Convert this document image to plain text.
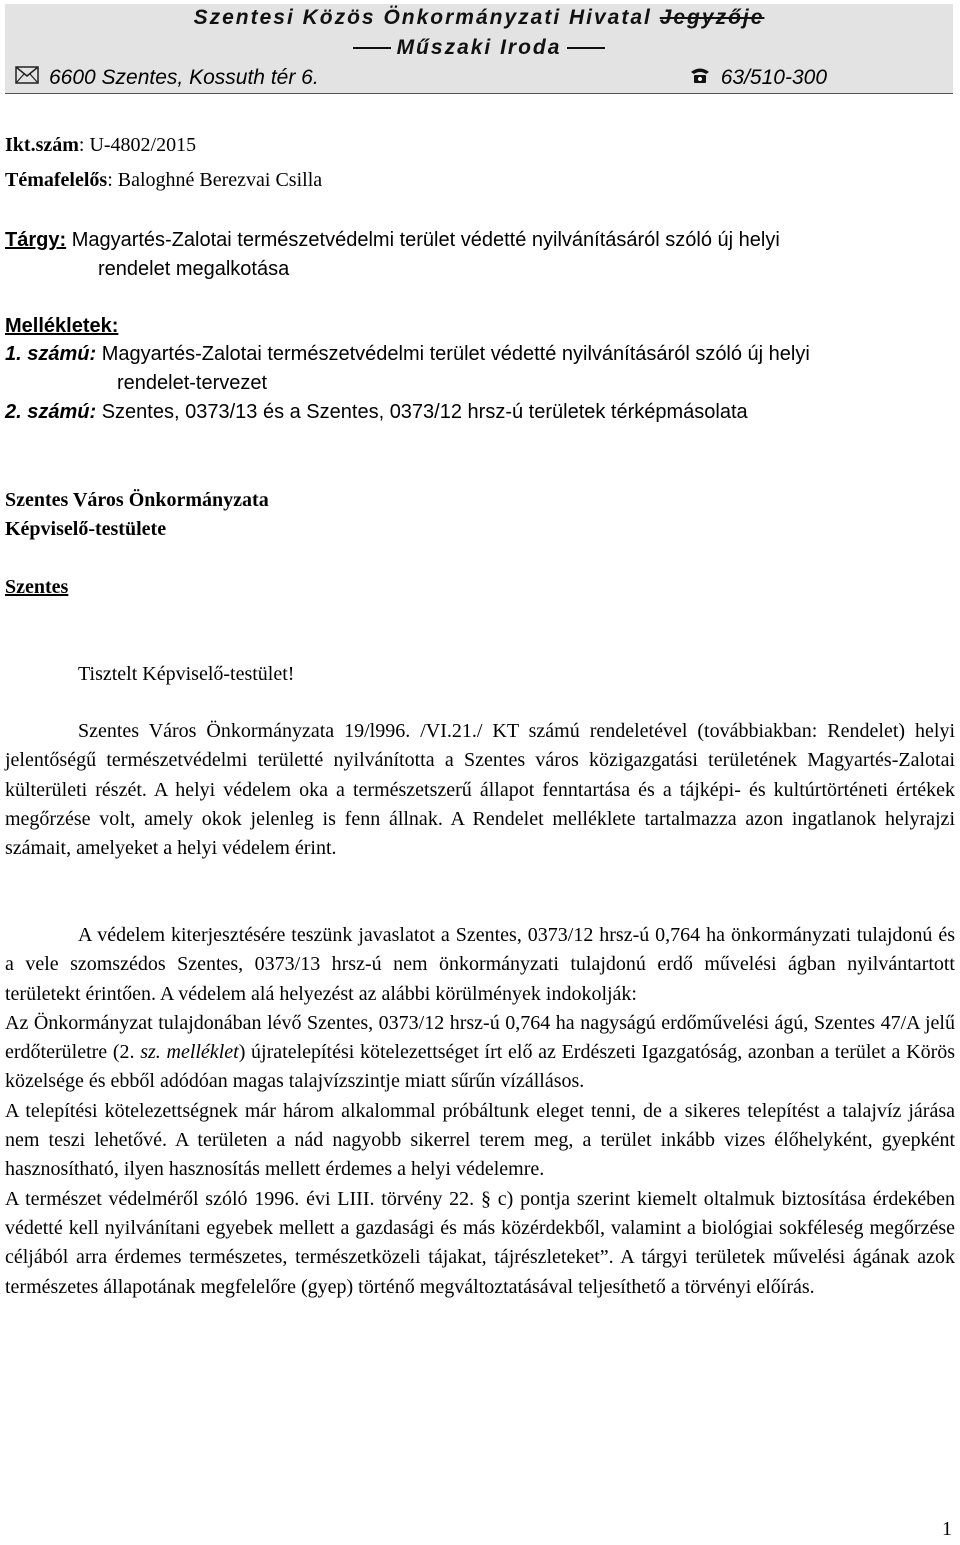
Szentesi Közös Önkormányzati Hivatal Jegyzője
Műszaki Iroda
6600 Szentes, Kossuth tér 6.	63/510-300
Ikt.szám: U-4802/2015
Témafelelős: Baloghné Berezvai Csilla
Tárgy: Magyartés-Zalotai természetvédelmi terület védetté nyilvánításáról szóló új helyi
rendelet megalkotása
Mellékletek:
1. számú: Magyartés-Zalotai természetvédelmi terület védetté nyilvánításáról szóló új helyi
rendelet-tervezet
2. számú: Szentes, 0373/13 és a Szentes, 0373/12 hrsz-ú területek térképmásolata
Szentes Város Önkormányzata
Képviselő-testülete
Szentes
Tisztelt Képviselő-testület!

Szentes Város Önkormányzata 19/l996. /VI.21./ KT számú rendeletével (továbbiakban: Rendelet) helyi jelentőségű természetvédelmi területté nyilvánította a Szentes város közigazgatási területének Magyartés-Zalotai külterületi részét. A helyi védelem oka a természetszerű állapot fenntartása és a tájképi- és kultúrtörténeti értékek megőrzése volt, amely okok jelenleg is fenn állnak. A Rendelet melléklete tartalmazza azon ingatlanok helyrajzi számait, amelyeket a helyi védelem érint.

A védelem kiterjesztésére teszünk javaslatot a Szentes, 0373/12 hrsz-ú 0,764 ha önkormányzati tulajdonú és a vele szomszédos Szentes, 0373/13 hrsz-ú nem önkormányzati tulajdonú erdő művelési ágban nyilvántartott területekt érintően. A védelem alá helyezést az alábbi körülmények indokolják:

Az Önkormányzat tulajdonában lévő Szentes, 0373/12 hrsz-ú 0,764 ha nagyságú erdőművelési ágú, Szentes 47/A jelű erdőterületre (2. sz. melléklet) újratelepítési kötelezettséget írt elő az Erdészeti Igazgatóság, azonban a terület a Körös közelsége és ebből adódóan magas talajvízszintje miatt sűrűn vízállásos.

A telepítési kötelezettségnek már három alkalommal próbáltunk eleget tenni, de a sikeres telepítést a talajvíz járása nem teszi lehetővé. A területen a nád nagyobb sikerrel terem meg, a terület inkább vizes élőhelyként, gyepként hasznosítható, ilyen hasznosítás mellett érdemes a helyi védelemre.

A természet védelméről szóló 1996. évi LIII. törvény 22. § c) pontja szerint kiemelt oltalmuk biztosítása érdekében védetté kell nyilvánítani egyebek mellett a gazdasági és más közérdekből, valamint a biológiai sokféleség megőrzése céljából arra érdemes természetes, természetközeli tájakat, tájrészleteket”. A tárgyi területek művelési ágának azok természetes állapotának megfelelőre (gyep) történő megváltoztatásával teljesíthető a törvényi előírás.

1
